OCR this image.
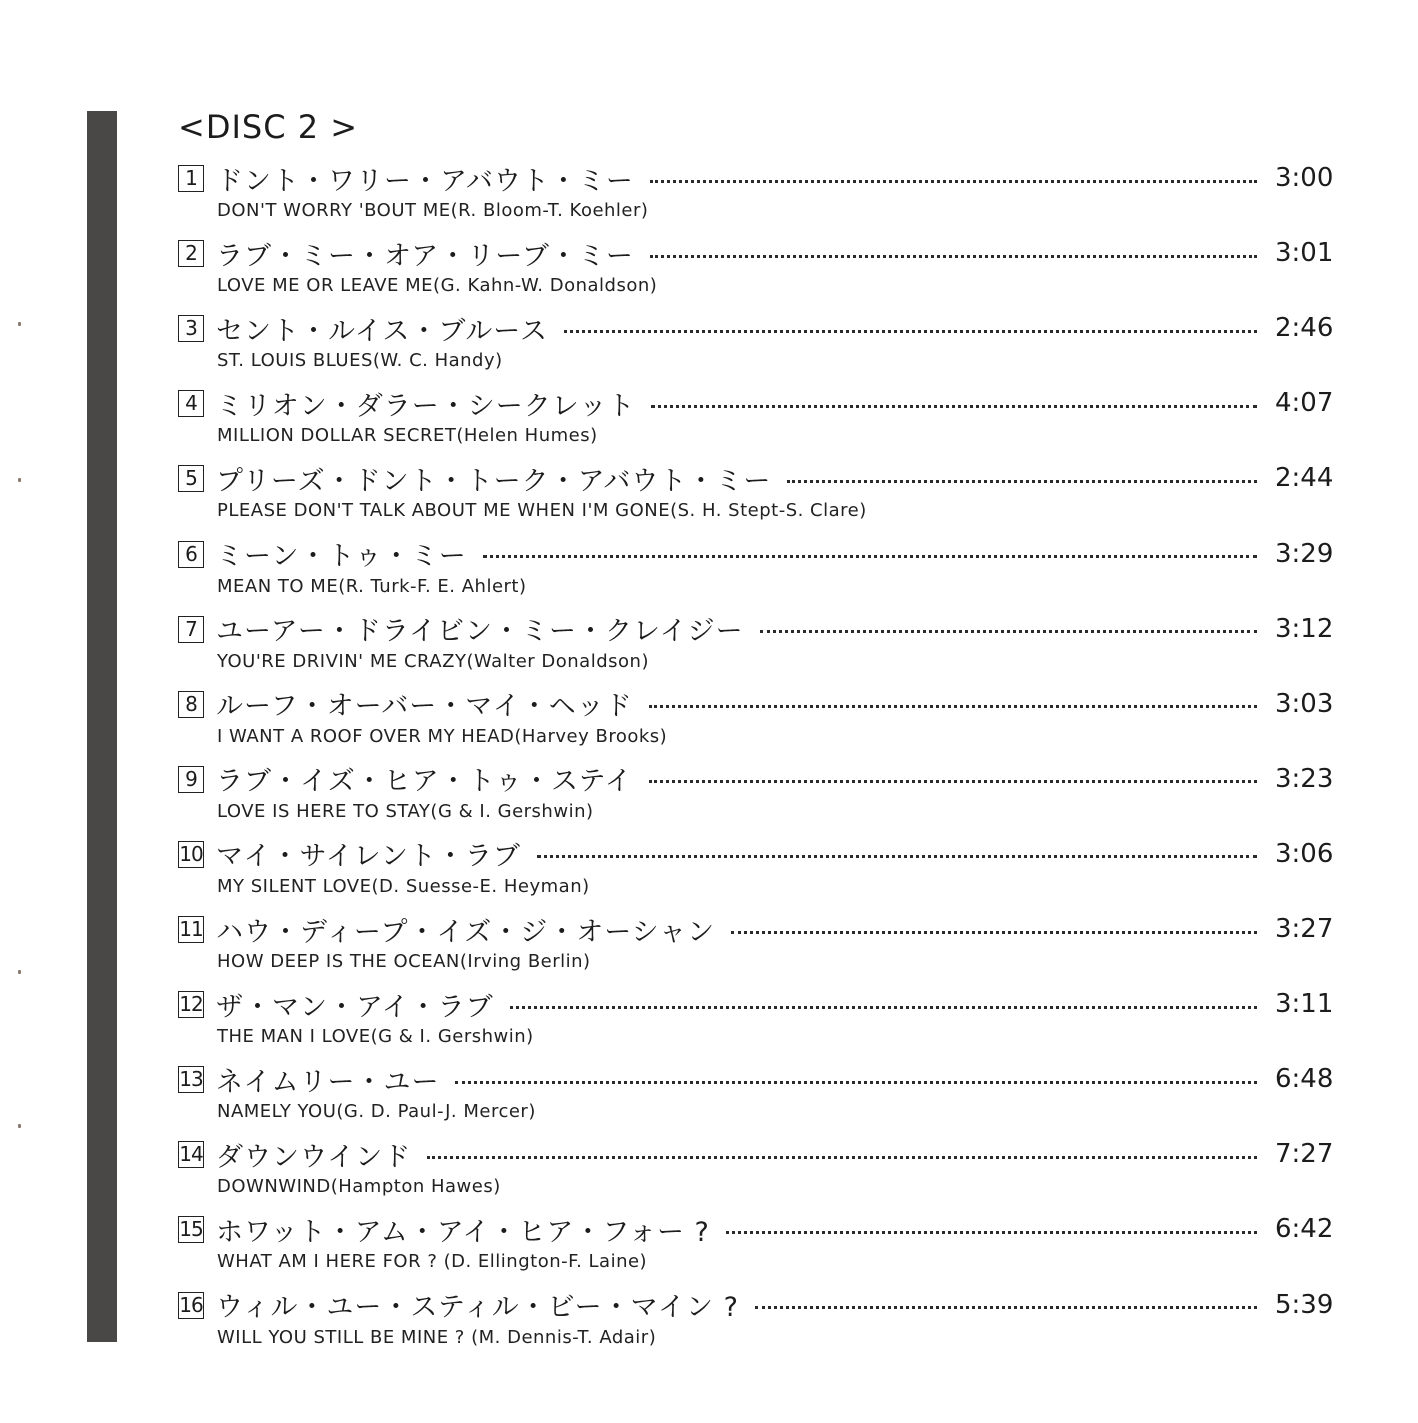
<DISC 2 >
1 ドント・ワリー・アバウト・ミー	3:00
DON'T WORRY 'BOUT ME(R. Bloom-T. Koehler)
2 ラブ・ミー・オア・リーブ・ミー	3:01
LOVE ME OR LEAVE ME(G. Kahn-W. Donaldson)
3 セント・ルイス・ブルース	2:46
ST. LOUIS BLUES(W. C. Handy)
4 ミリオン・ダラー・シークレット	4:07
MILLION DOLLAR SECRET(Helen Humes)
5 プリーズ・ドント・トーク・アバウト・ミー	2:44
PLEASE DON'T TALK ABOUT ME WHEN I'M GONE(S. H. Stept-S. Clare)
6 ミーン・トゥ・ミー	3:29
MEAN TO ME(R. Turk-F. E. Ahlert)
7 ユーアー・ドライビン・ミー・クレイジー	3:12
YOU'RE DRIVIN' ME CRAZY(Walter Donaldson)
8 ルーフ・オーバー・マイ・ヘッド	3:03
I WANT A ROOF OVER MY HEAD(Harvey Brooks)
9 ラブ・イズ・ヒア・トゥ・ステイ	3:23
LOVE IS HERE TO STAY(G & I. Gershwin)
10 マイ・サイレント・ラブ	3:06
MY SILENT LOVE(D. Suesse-E. Heyman)
11 ハウ・ディープ・イズ・ジ・オーシャン	3:27
HOW DEEP IS THE OCEAN(Irving Berlin)
12 ザ・マン・アイ・ラブ	3:11
THE MAN I LOVE(G & I. Gershwin)
13 ネイムリー・ユー	6:48
NAMELY YOU(G. D. Paul-J. Mercer)
14 ダウンウインド	7:27
DOWNWIND(Hampton Hawes)
15 ホワット・アム・アイ・ヒア・フォー ?	6:42
WHAT AM I HERE FOR ? (D. Ellington-F. Laine)
16 ウィル・ユー・スティル・ビー・マイン ?	5:39
WILL YOU STILL BE MINE ? (M. Dennis-T. Adair)
